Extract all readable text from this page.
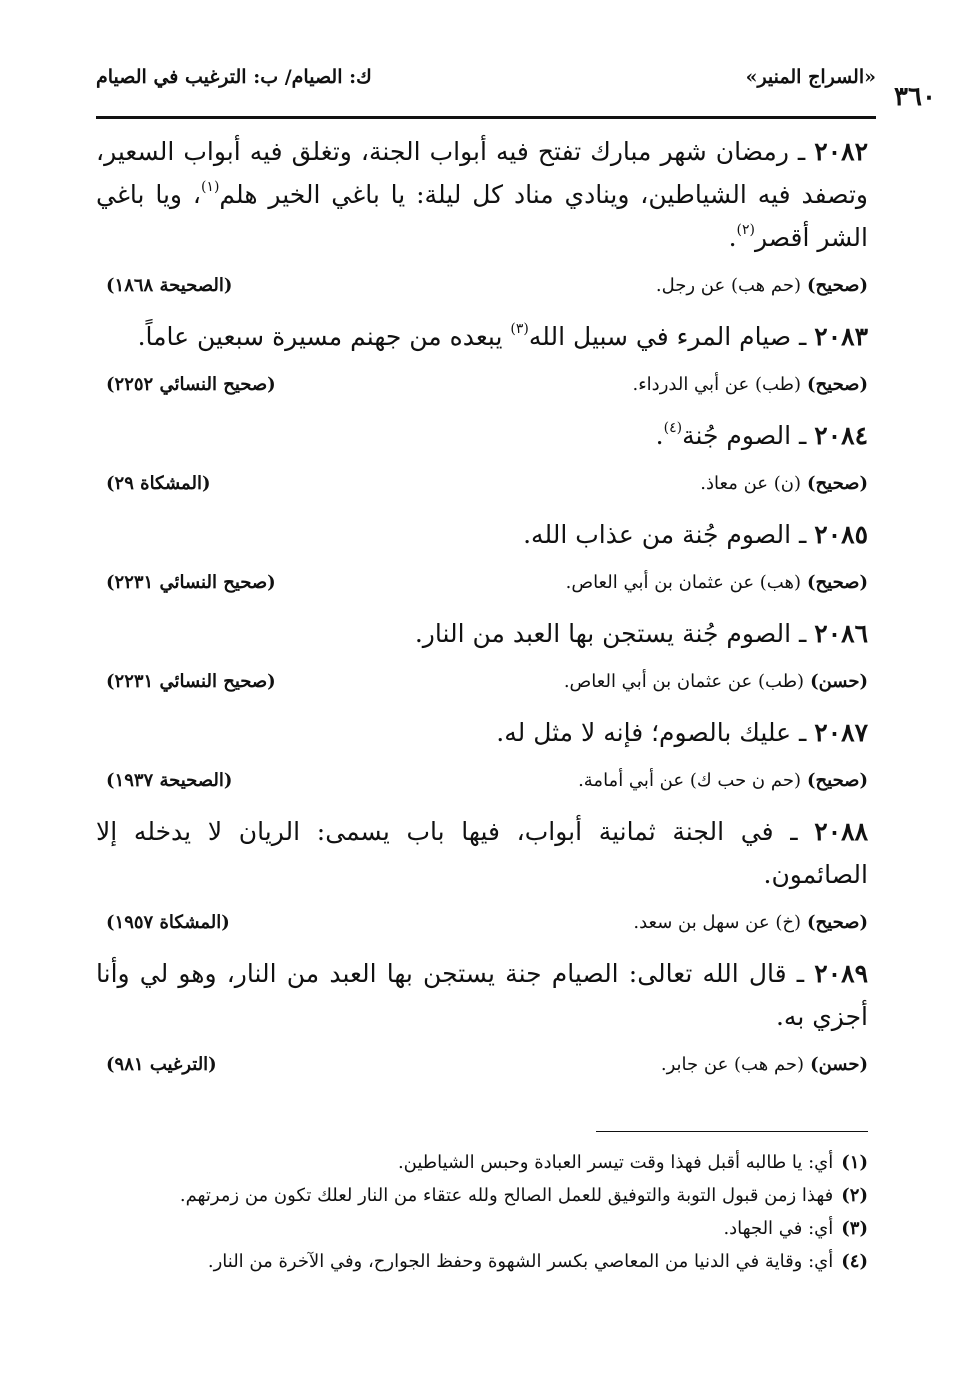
«السراج المنير»
ك: الصيام/ ب: الترغيب في الصيام
٣٦٠

٢٠٨٢ ـ رمضان شهر مبارك تفتح فيه أبواب الجنة، وتغلق فيه أبواب السعير، وتصفد فيه الشياطين، وينادي مناد كل ليلة: يا باغي الخير هلم$^{(١)}$، ويا باغي الشر أقصر$^{(٢)}$.

(صحيح)(حم هب) عن رجل.
(الصحيحة ١٨٦٨)

٢٠٨٣ ـ صيام المرء في سبيل الله$^{(٣)}$ يبعده من جهنم مسيرة سبعين عاماً.

(صحيح)(طب) عن أبي الدرداء.
(صحيح النسائي ٢٢٥٢)

٢٠٨٤ ـ الصوم جُنة$^{(٤)}$.

(صحيح)(ن) عن معاذ.
(المشكاة ٢٩)

٢٠٨٥ ـ الصوم جُنة من عذاب الله.

(صحيح)(هب) عن عثمان بن أبي العاص.
(صحيح النسائي ٢٢٣١)

٢٠٨٦ ـ الصوم جُنة يستجن بها العبد من النار.

(حسن)(طب) عن عثمان بن أبي العاص.
(صحيح النسائي ٢٢٣١)

٢٠٨٧ ـ عليك بالصوم؛ فإنه لا مثل له.

(صحيح)(حم ن حب ك) عن أبي أمامة.
(الصحيحة ١٩٣٧)

٢٠٨٨ ـ في الجنة ثمانية أبواب، فيها باب يسمى: الريان لا يدخله إلا الصائمون.

(صحيح)(خ) عن سهل بن سعد.
(المشكاة ١٩٥٧)

٢٠٨٩ ـ قال الله تعالى: الصيام جنة يستجن بها العبد من النار، وهو لي وأنا أجزي به.

(حسن)(حم هب) عن جابر.
(الترغيب ٩٨١)
(١)
أي: يا طالبه أقبل فهذا وقت تيسر العبادة وحبس الشياطين.
(٢)
فهذا زمن قبول التوبة والتوفيق للعمل الصالح ولله عتقاء من النار لعلك تكون من زمرتهم.
(٣)
أي: في الجهاد.
(٤)
أي: وقاية في الدنيا من المعاصي بكسر الشهوة وحفظ الجوارح، وفي الآخرة من النار.
